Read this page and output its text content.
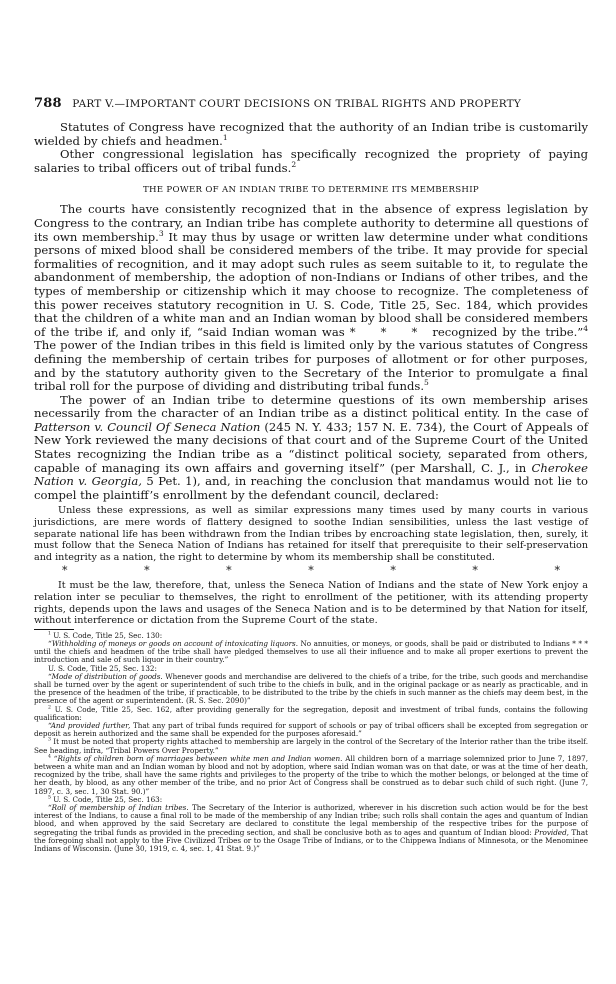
788 PART V.—IMPORTANT COURT DECISIONS ON TRIBAL RIGHTS AND PROPERTY

Statutes of Congress have recognized that the authority of an Indian tribe is customarily wielded by chiefs and headmen.$^1$

Other congressional legislation has specifically recognized the propriety of paying salaries to tribal officers out of tribal funds.$^2$

THE POWER OF AN INDIAN TRIBE TO DETERMINE ITS MEMBERSHIP

The courts have consistently recognized that in the absence of express legislation by Congress to the contrary, an Indian tribe has complete authority to determine all questions of its own membership.$^3$ It may thus by usage or written law determine under what conditions persons of mixed blood shall be considered members of the tribe. It may provide for special formalities of recognition, and it may adopt such rules as seem suitable to it, to regulate the abandonment of membership, the adoption of non-Indians or Indians of other tribes, and the types of membership or citizenship which it may choose to recognize. The completeness of this power receives statutory recognition in U. S. Code, Title 25, Sec. 184, which provides that the children of a white man and an Indian woman by blood shall be considered members of the tribe if, and only if, “said Indian woman was * * * recognized by the tribe.”$^4$ The power of the Indian tribes in this field is limited only by the various statutes of Congress defining the membership of certain tribes for purposes of allotment or for other purposes, and by the statutory authority given to the Secretary of the Interior to promulgate a final tribal roll for the purpose of dividing and distributing tribal funds.$^5$

The power of an Indian tribe to determine questions of its own membership arises necessarily from the character of an Indian tribe as a distinct political entity. In the case of Patterson v. Council Of Seneca Nation (245 N. Y. 433; 157 N. E. 734), the Court of Appeals of New York reviewed the many decisions of that court and of the Supreme Court of the United States recognizing the Indian tribe as a “distinct political society, separated from others, capable of managing its own affairs and governing itself” (per Marshall, C. J., in Cherokee Nation v. Georgia, 5 Pet. 1), and, in reaching the conclusion that mandamus would not lie to compel the plaintiff’s enrollment by the defendant council, declared:

Unless these expressions, as well as similar expressions many times used by many courts in various jurisdictions, are mere words of flattery designed to soothe Indian sensibilities, unless the last vestige of separate national life has been withdrawn from the Indian tribes by encroaching state legislation, then, surely, it must follow that the Seneca Nation of Indians has retained for itself that prerequisite to their self-preservation and integrity as a nation, the right to determine by whom its membership shall be constituted.

*	*	*	*	*	*	*

It must be the law, therefore, that, unless the Seneca Nation of Indians and the state of New York enjoy a relation inter se peculiar to themselves, the right to enrollment of the petitioner, with its attending property rights, depends upon the laws and usages of the Seneca Nation and is to be determined by that Nation for itself, without interference or dictation from the Supreme Court of the state.

$^1$ U. S. Code, Title 25, Sec. 130:

“Withholding of moneys or goods on account of intoxicating liquors. No annuities, or moneys, or goods, shall be paid or distributed to Indians * * * until the chiefs and headmen of the tribe shall have pledged themselves to use all their influence and to make all proper exertions to prevent the introduction and sale of such liquor in their country.”

U. S. Code, Title 25, Sec. 132:

“Mode of distribution of goods. Whenever goods and merchandise are delivered to the chiefs of a tribe, for the tribe, such goods and merchandise shall be turned over by the agent or superintendent of such tribe to the chiefs in bulk, and in the original package or as nearly as practicable, and in the presence of the headmen of the tribe, if practicable, to be distributed to the tribe by the chiefs in such manner as the chiefs may deem best, in the presence of the agent or superintendent. (R. S. Sec. 2090)”

$^2$ U. S. Code, Title 25, Sec. 162, after providing generally for the segregation, deposit and investment of tribal funds, contains the following qualification:

“And provided further, That any part of tribal funds required for support of schools or pay of tribal officers shall be excepted from segregation or deposit as herein authorized and the same shall be expended for the purposes aforesaid.”

$^3$ It must be noted that property rights attached to membership are largely in the control of the Secretary of the Interior rather than the tribe itself. See heading, infra, “Tribal Powers Over Property.”

$^4$ “Rights of children born of marriages between white men and Indian women. All children born of a marriage solemnized prior to June 7, 1897, between a white man and an Indian woman by blood and not by adoption, where said Indian woman was on that date, or was at the time of her death, recognized by the tribe, shall have the same rights and privileges to the property of the tribe to which the mother belongs, or belonged at the time of her death, by blood, as any other member of the tribe, and no prior Act of Congress shall be construed as to debar such child of such right. (June 7, 1897, c. 3, sec. 1, 30 Stat. 90.)”

$^5$ U. S. Code, Title 25, Sec. 163:

“Roll of membership of Indian tribes. The Secretary of the Interior is authorized, wherever in his discretion such action would be for the best interest of the Indians, to cause a final roll to be made of the membership of any Indian tribe; such rolls shall contain the ages and quantum of Indian blood, and when approved by the said Secretary are declared to constitute the legal membership of the respective tribes for the purpose of segregating the tribal funds as provided in the preceding section, and shall be conclusive both as to ages and quantum of Indian blood: Provided, That the foregoing shall not apply to the Five Civilized Tribes or to the Osage Tribe of Indians, or to the Chippewa Indians of Minnesota, or the Menominee Indians of Wisconsin. (June 30, 1919, c. 4, sec. 1, 41 Stat. 9.)”
